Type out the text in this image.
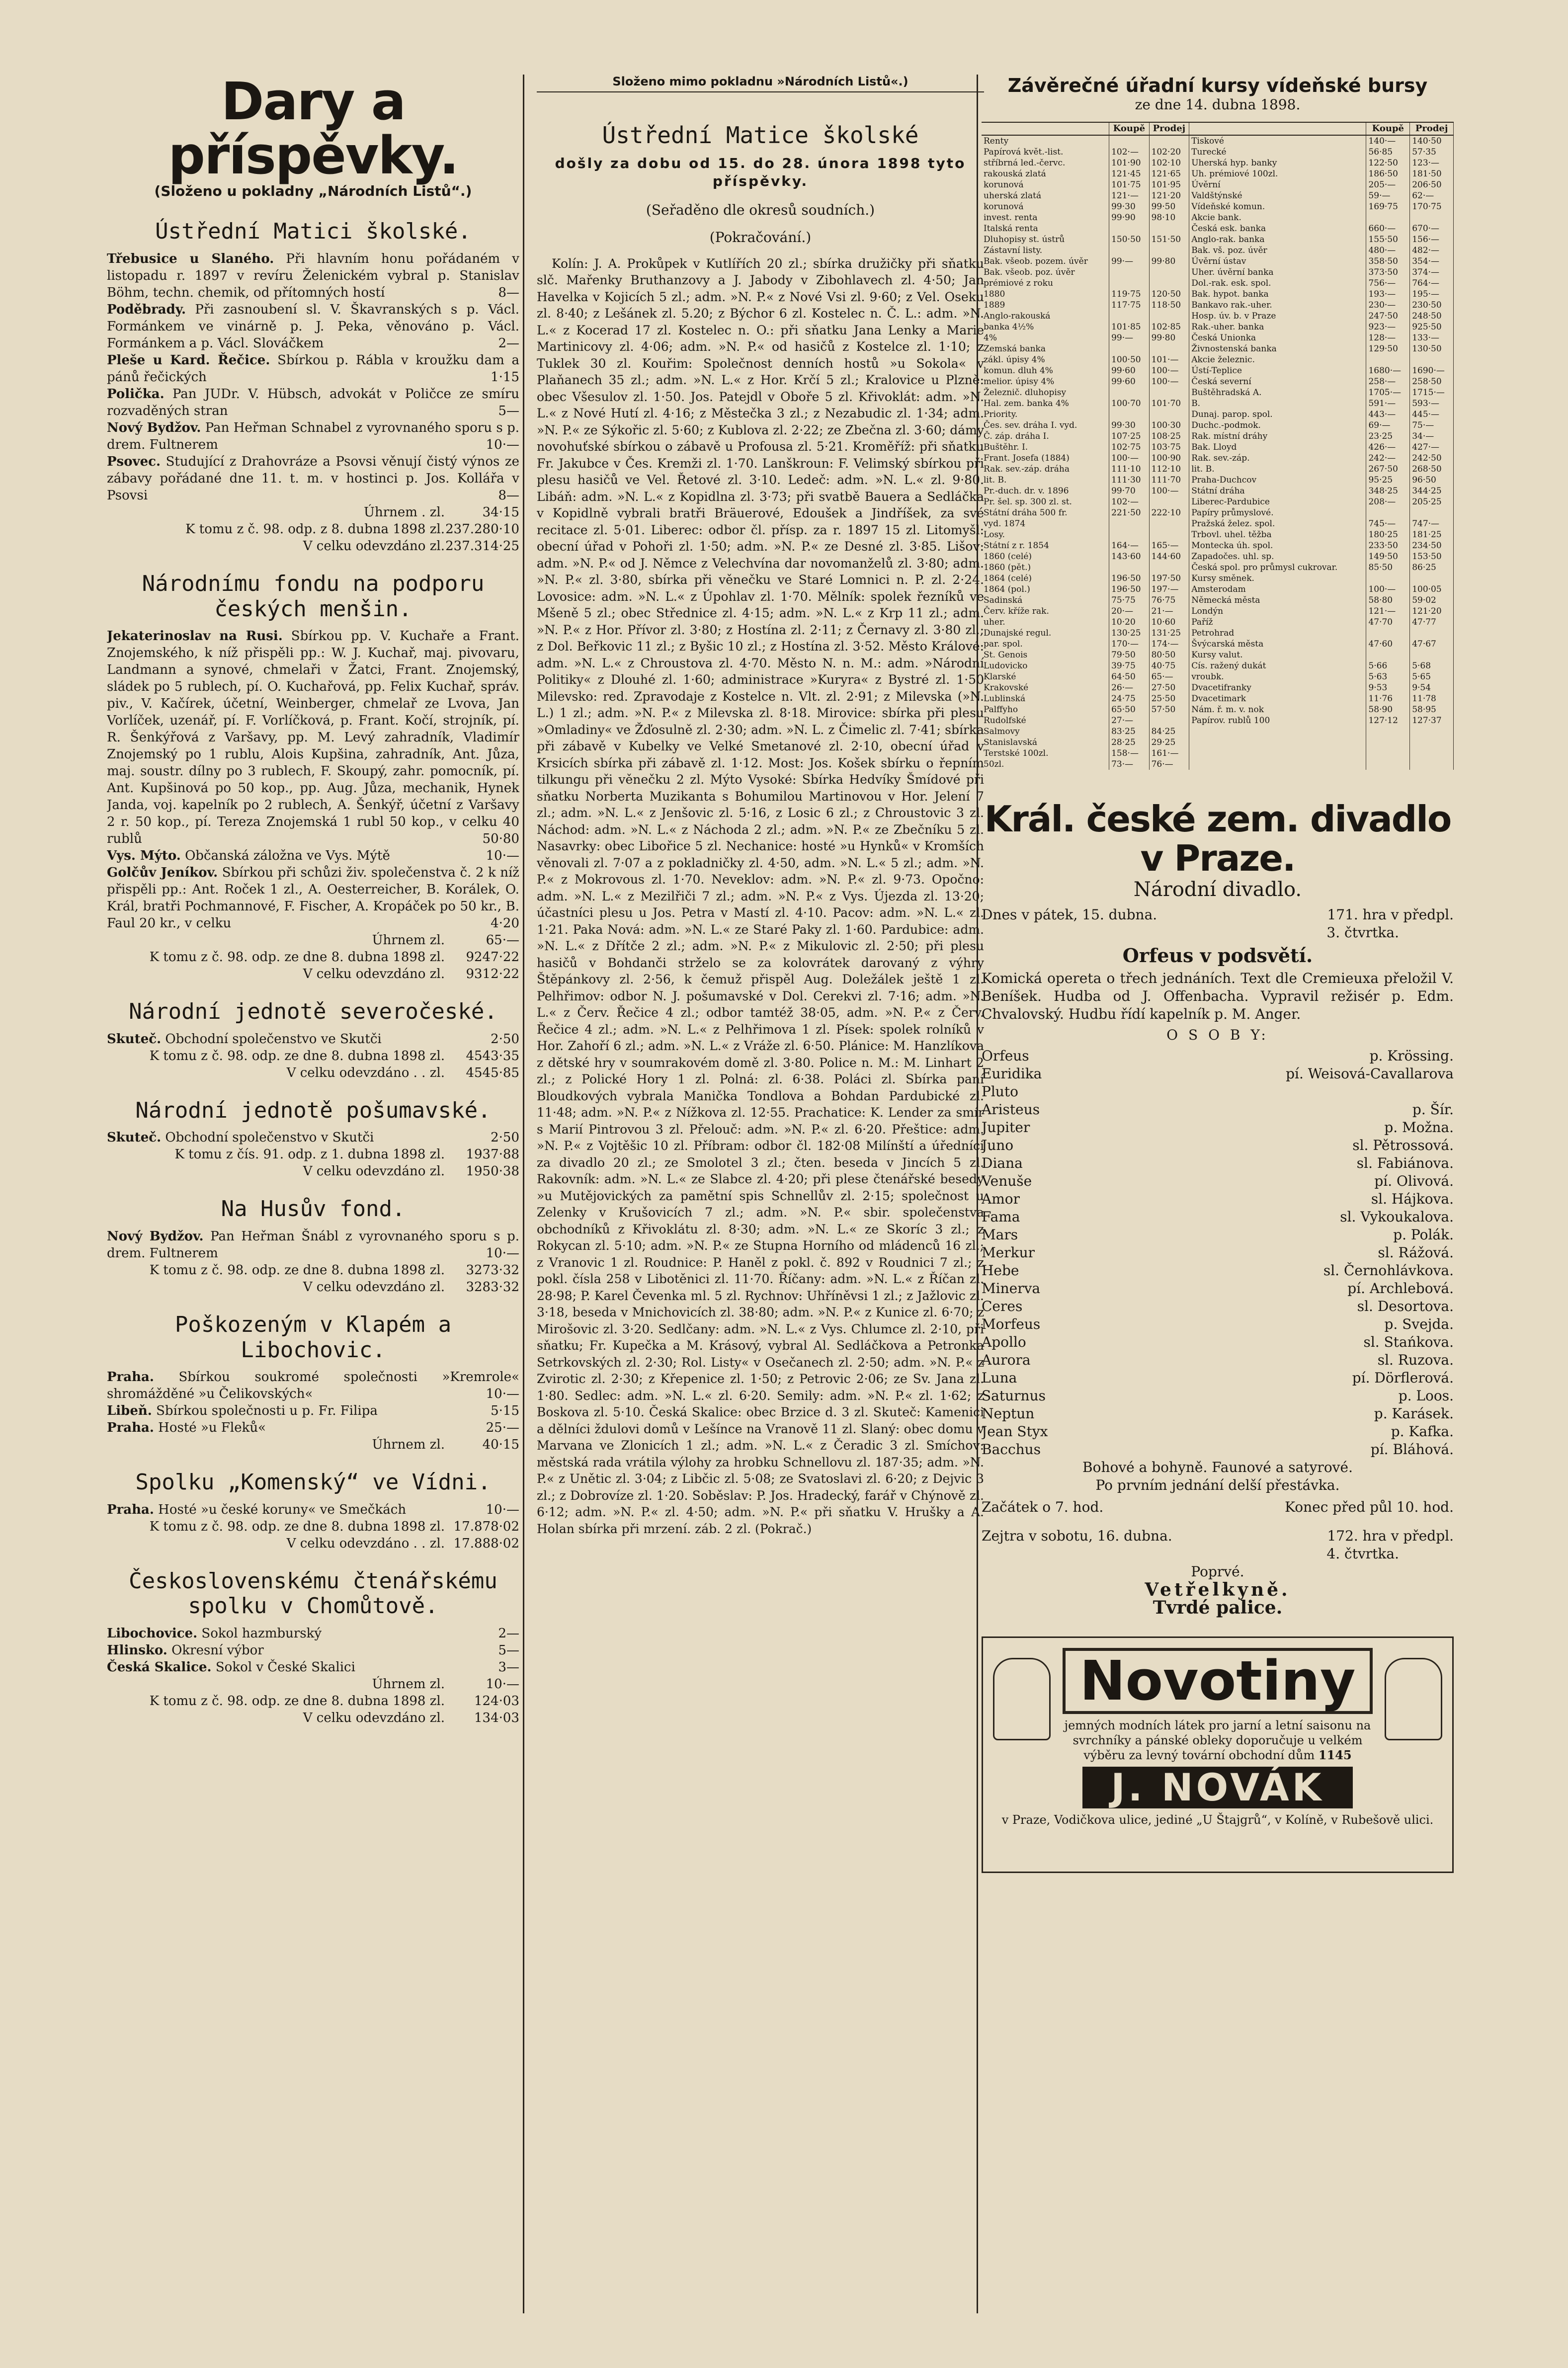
Dary a příspěvky.
(Složeno u pokladny „Národních Listů“.)
Ústřední Matici školské.
Třebusice u Slaného. Při hlavním honu pořádaném v listopadu r. 1897 v revíru Želenickém vybral p. Stanislav Böhm, techn. chemik, od přítomných hostí	8—
Poděbrady. Při zasnoubení sl. V. Škavranských s p. Václ. Formánkem ve vinárně p. J. Peka, věnováno p. Václ. Formánkem a p. Václ. Slováčkem	2—
Pleše u Kard. Řečice. Sbírkou p. Rábla v kroužku dam a pánů řečických	1·15
Polička. Pan JUDr. V. Hübsch, advokát v Poličce ze smíru rozvaděných stran	5—
Nový Bydžov. Pan Heřman Schnabel z vyrovnaného sporu s p. drem. Fultnerem	10·—
Psovec. Studující z Drahovráze a Psovsi věnují čistý výnos ze zábavy pořádané dne 11. t. m. v hostinci p. Jos. Kollářa v Psovsi	8—
Úhrnem . zl.	34·15
K tomu z č. 98. odp. z 8. dubna 1898 zl.237.280·10
V celku odevzdáno zl.237.314·25
Národnímu fondu na podporu českých menšin.
Jekaterinoslav na Rusi. Sbírkou pp. V. Kuchaře a Frant. Znojemského, k níž přispěli pp.: W. J. Kuchař, maj. pivovaru, Landmann a synové, chmelaři v Žatci, Frant. Znojemský, sládek po 5 rublech, pí. O. Kuchařová, pp. Felix Kuchař, správ. piv., V. Kačírek, účetní, Weinberger, chmelař ze Lvova, Jan Vorlíček, uzenář, pí. F. Vorlíčková, p. Frant. Kočí, strojník, pí. R. Šenkýřová z Varšavy, pp. M. Levý zahradník, Vladimír Znojemský po 1 rublu, Alois Kupšina, zahradník, Ant. Jůza, maj. soustr. dílny po 3 rublech, F. Skoupý, zahr. pomocník, pí. Ant. Kupšinová po 50 kop., pp. Aug. Jůza, mechanik, Hynek Janda, voj. kapelník po 2 rublech, A. Šenkýř, účetní z Varšavy 2 r. 50 kop., pí. Tereza Znojemská 1 rubl 50 kop., v celku 40 rublů	50·80
Vys. Mýto. Občanská záložna ve Vys. Mýtě	10·—
Golčův Jeníkov. Sbírkou při schůzi živ. společenstva č. 2 k níž přispěli pp.: Ant. Roček 1 zl., A. Oesterreicher, B. Korálek, O. Král, bratři Pochmannové, F. Fischer, A. Kropáček po 50 kr., B. Faul 20 kr., v celku	4·20
Úhrnem zl.	65·—
K tomu z č. 98. odp. ze dne 8. dubna 1898 zl. 9247·22
V celku odevzdáno zl. 9312·22
Národní jednotě severočeské.
Skuteč. Obchodní společenstvo ve Skutči	2·50
K tomu z č. 98. odp. ze dne 8. dubna 1898 zl. 4543·35
V celku odevzdáno . . zl. 4545·85
Národní jednotě pošumavské.
Skuteč. Obchodní společenstvo v Skutči	2·50
K tomu z čís. 91. odp. z 1. dubna 1898 zl. 1937·88
V celku odevzdáno zl. 1950·38
Na Husův fond.
Nový Bydžov. Pan Heřman Šnábl z vyrovnaného sporu s p. drem. Fultnerem	10·—
K tomu z č. 98. odp. ze dne 8. dubna 1898 zl. 3273·32
V celku odevzdáno zl. 3283·32
Poškozeným v Klapém a Libochovic.
Praha. Sbírkou soukromé společnosti »Kremrole« shromážděné »u Čelikovských«	10·—
Libeň. Sbírkou společnosti u p. Fr. Filipa	5·15
Praha. Hosté »u Fleků«	25·—
Úhrnem zl.	40·15
Spolku „Komenský“ ve Vídni.
Praha. Hosté »u české koruny« ve Smečkách	10·—
K tomu z č. 98. odp. ze dne 8. dubna 1898 zl. 17.878·02
V celku odevzdáno . . zl. 17.888·02
Československému čtenářskému spolku v Chomůtově.
Libochovice. Sokol hazmburský	2—
Hlinsko. Okresní výbor	5—
Česká Skalice. Sokol v České Skalici	3—
Úhrnem zl.	10·—
K tomu z č. 98. odp. ze dne 8. dubna 1898 zl. 124·03
V celku odevzdáno zl. 134·03
Složeno mimo pokladnu »Národních Listů«.)
Ústřední Matice školské
došly za dobu od 15. do 28. února 1898 tyto příspěvky.
(Seřaděno dle okresů soudních.)
(Pokračování.)
Kolín: J. A. Prokůpek v Kutlířích 20 zl.; sbírka družičky při sňatku slč. Mařenky Bruthanzovy a J. Jabody v Zibohlavech zl. 4·50; Jan Havelka v Kojicích 5 zl.; adm. »N. P.« z Nové Vsi zl. 9·60; z Vel. Oseku zl. 8·40; z Lešánek zl. 5.20; z Býchor 6 zl. Kostelec n. Č. L.: adm. »N. L.« z Kocerad 17 zl. Kostelec n. O.: při sňatku Jana Lenky a Marie Martinicovy zl. 4·06; adm. »N. P.« od hasičů z Kostelce zl. 1·10; z Tuklek 30 zl. Kouřim: Společnost denních hostů »u Sokola« v Plaňanech 35 zl.; adm. »N. L.« z Hor. Krčí 5 zl.; Kralovice u Plzně: obec Všesulov zl. 1·50. Jos. Patejdl v Oboře 5 zl. Křivoklát: adm. »N. L.« z Nové Hutí zl. 4·16; z Městečka 3 zl.; z Nezabudic zl. 1·34; adm. »N. P.« ze Sýkořic zl. 5·60; z Kublova zl. 2·22; ze Zbečna zl. 3·60; dámy novohuťské sbírkou o zábavě u Profousa zl. 5·21. Kroměříž: při sňatku Fr. Jakubce v Čes. Kremži zl. 1·70. Lanškroun: F. Velimský sbírkou při plesu hasičů ve Vel. Řetové zl. 3·10. Ledeč: adm. »N. L.« zl. 9·80. Libáň: adm. »N. L.« z Kopidlna zl. 3·73; při svatbě Bauera a Sedláčka v Kopidlně vybrali bratři Bräuerové, Edoušek a Jindříšek, za své recitace zl. 5·01. Liberec: odbor čl. přísp. za r. 1897 15 zl. Litomyšl: obecní úřad v Pohoři zl. 1·50; adm. »N. P.« ze Desné zl. 3·85. Lišov: adm. »N. P.« od J. Němce z Velechvína dar novomanželů zl. 3·80; adm. »N. P.« zl. 3·80, sbírka při věnečku ve Staré Lomnici n. P. zl. 2·24. Lovosice: adm. »N. L.« z Úpohlav zl. 1·70. Mělník: spolek řezníků ve Mšeně 5 zl.; obec Střednice zl. 4·15; adm. »N. L.« z Krp 11 zl.; adm. »N. P.« z Hor. Přívor zl. 3·80; z Hostína zl. 2·11; z Černavy zl. 3·80 zl.; z Dol. Beřkovic 11 zl.; z Byšic 10 zl.; z Hostína zl. 3·52. Město Králové: adm. »N. L.« z Chroustova zl. 4·70. Město N. n. M.: adm. »Národní Politiky« z Dlouhé zl. 1·60; administrace »Kuryra« z Bystré zl. 1·50 Milevsko: red. Zpravodaje z Kostelce n. Vlt. zl. 2·91; z Milevska (»N. L.) 1 zl.; adm. »N. P.« z Milevska zl. 8·18. Mirovice: sbírka při plesu »Omladiny« ve Žďosulně zl. 2·30; adm. »N. L. z Čimelic zl. 7·41; sbírka při zábavě v Kubelky ve Velké Smetanové zl. 2·10, obecní úřad v Krsicích sbírka při zábavě zl. 1·12. Most: Jos. Košek sbírku o řepním tilkungu při věnečku 2 zl. Mýto Vysoké: Sbírka Hedvíky Šmídové při sňatku Norberta Muzikanta s Bohumilou Martinovou v Hor. Jelení 7 zl.; adm. »N. L.« z Jenšovic zl. 5·16, z Losic 6 zl.; z Chroustovic 3 zl. Náchod: adm. »N. L.« z Náchoda 2 zl.; adm. »N. P.« ze Zbečníku 5 zl. Nasavrky: obec Libořice 5 zl. Nechanice: hosté »u Hynků« v Kromších věnovali zl. 7·07 a z pokladničky zl. 4·50, adm. »N. L.« 5 zl.; adm. »N. P.« z Mokrovous zl. 1·70. Neveklov: adm. »N. P.« zl. 9·73. Opočno: adm. »N. L.« z Mezilřiči 7 zl.; adm. »N. P.« z Vys. Újezda zl. 13·20; účastníci plesu u Jos. Petra v Mastí zl. 4·10. Pacov: adm. »N. L.« zl. 1·21. Paka Nová: adm. »N. L.« ze Staré Paky zl. 1·60. Pardubice: adm. »N. L.« z Dřítče 2 zl.; adm. »N. P.« z Mikulovic zl. 2·50; při plesu hasičů v Bohdanči strželo se za kolovrátek darovaný z výhry Štěpánkovy zl. 2·56, k čemuž přispěl Aug. Doležálek ještě 1 zl. Pelhřimov: odbor N. J. pošumavské v Dol. Cerekvi zl. 7·16; adm. »N. L.« z Červ. Řečice 4 zl.; odbor tamtéž 38·05, adm. »N. P.« z Červ. Řečice 4 zl.; adm. »N. L.« z Pelhřimova 1 zl. Písek: spolek rolníků v Hor. Zahoří 6 zl.; adm. »N. L.« z Vráže zl. 6·50. Plánice: M. Hanzlíkova z dětské hry v soumrakovém domě zl. 3·80. Police n. M.: M. Linhart 2 zl.; z Polické Hory 1 zl. Polná: zl. 6·38. Poláci zl. Sbírka paní Bloudkových vybrala Manička Tondlova a Bohdan Pardubické zl. 11·48; adm. »N. P.« z Nížkova zl. 12·55. Prachatice: K. Lender za smír s Marií Pintrovou 3 zl. Přelouč: adm. »N. P.« zl. 6·20. Přeštice: adm. »N. P.« z Vojtěšic 10 zl. Příbram: odbor čl. 182·08 Milínští a úředníci za divadlo 20 zl.; ze Smolotel 3 zl.; čten. beseda v Jincích 5 zl. Rakovník: adm. »N. L.« ze Slabce zl. 4·20; při plese čtenářské besedy »u Mutějovických za pamětní spis Schnellův zl. 2·15; společnost u Zelenky v Krušovicích 7 zl.; adm. »N. P.« sbir. společenstva obchodníků z Křivoklátu zl. 8·30; adm. »N. L.« ze Skoríc 3 zl.; z Rokycan zl. 5·10; adm. »N. P.« ze Stupna Horního od mládenců 16 zl.; z Vranovic 1 zl. Roudnice: P. Haněl z pokl. č. 892 v Roudnici 7 zl.; z pokl. čísla 258 v Libotěnici zl. 11·70. Říčany: adm. »N. L.« z Říčan zl. 28·98; P. Karel Čevenka ml. 5 zl. Rychnov: Uhříněvsi 1 zl.; z Jažlovic zl. 3·18, beseda v Mnichovicích zl. 38·80; adm. »N. P.« z Kunice zl. 6·70; z Mirošovic zl. 3·20. Sedlčany: adm. »N. L.« z Vys. Chlumce zl. 2·10, při sňatku; Fr. Kupečka a M. Krásový, vybral Al. Sedláčkova a Petronka Setrkovských zl. 2·30; Rol. Listy« v Osečanech zl. 2·50; adm. »N. P.« z Zvirotic zl. 2·30; z Křepenice zl. 1·50; z Petrovic 2·06; ze Sv. Jana zl. 1·80. Sedlec: adm. »N. L.« zl. 6·20. Semily: adm. »N. P.« zl. 1·62; z Boskova zl. 5·10. Česká Skalice: obec Brzice d. 3 zl. Skuteč: Kamenici a dělníci ždulovi domů v Lešínce na Vranově 11 zl. Slaný: obec domu v Marvana ve Zlonicích 1 zl.; adm. »N. L.« z Čeradic 3 zl. Smíchov: městská rada vrátila výlohy za hrobku Schnellovu zl. 187·35; adm. »N. P.« z Unětic zl. 3·04; z Libčic zl. 5·08; ze Svatoslavi zl. 6·20; z Dejvic 3 zl.; z Dobrovíze zl. 1·20. Soběslav: P. Jos. Hradecký, farář v Chýnově zl. 6·12; adm. »N. P.« zl. 4·50; adm. »N. P.« při sňatku V. Hrušky a A. Holan sbírka při mrzení. záb. 2 zl. (Pokrač.)
Závěrečné úřadní kursy vídeňské bursy
ze dne 14. dubna 1898.
	Koupě	Prodej		Koupě	Prodej
Renty			Tiskové	140·—	140·50
Papírová květ.-list.	102·—	102·20	Turecké	56·85	57·35
stříbrná led.-červc.	101·90	102·10	Uherská hyp. banky	122·50	123·—
rakouská zlatá	121·45	121·65	Uh. prémiové 100zl.	186·50	181·50
korunová	101·75	101·95	Úvěrní	205·—	206·50
uherská zlatá	121·—	121·20	Valdštýnské	59·—	62·—
korunová	99·30	99·50	Vídeňské komun.	169·75	170·75
invest. renta	99·90	98·10	Akcie bank.		
Italská renta			Česká esk. banka	660·—	670·—
Dluhopisy st. ústrů	150·50	151·50	Anglo-rak. banka	155·50	156·—
Zástavní listy.			Bak. vš. poz. úvěr	480·—	482·—
Bak. všeob. pozem. úvěr	99·—	99·80	Úvěrní ústav	358·50	354·—
Bak. všeob. poz. úvěr			Uher. úvěrní banka	373·50	374·—
prémiové z roku			Dol.-rak. esk. spol.	756·—	764·—
1880	119·75	120·50	Bak. hypot. banka	193·—	195·—
1889	117·75	118·50	Bankavo rak.-uher.	230·—	230·50
Anglo-rakouská			Hosp. úv. b. v Praze	247·50	248·50
banka 4½%	101·85	102·85	Rak.-uher. banka	923·—	925·50
4%	99·—	99·80	Česká Unionka	128·—	133·—
Zemská banka			Živnostenská banka	129·50	130·50
zákl. úpisy 4%	100·50	101·—	Akcie železnic.		
komun. dluh 4%	99·60	100·—	Ústí-Teplice	1680·—	1690·—
melior. úpisy 4%	99·60	100·—	Česká severní	258·—	258·50
Železnič. dluhopisy			Buštěhradská A.	1705·—	1715·—
Hal. zem. banka 4%	100·70	101·70	B.	591·—	593·—
Priority.			Dunaj. parop. spol.	443·—	445·—
Čes. sev. dráha I. vyd.	99·30	100·30	Duchc.-podmok.	69·—	75·—
Č. záp. dráha I.	107·25	108·25	Rak. místní dráhy	23·25	34·—
Buštěhr. I.	102·75	103·75	Bak. Lloyd	426·—	427·—
Frant. Josefa (1884)	100·—	100·90	Rak. sev.-záp.	242·—	242·50
Rak. sev.-záp. dráha	111·10	112·10	lit. B.	267·50	268·50
lit. B.	111·30	111·70	Praha-Duchcov	95·25	96·50
Pr.-duch. dr. v. 1896	99·70	100·—	Státní dráha	348·25	344·25
Pr. šel. sp. 300 zl. st.	102·—		Liberec-Pardubice	208·—	205·25
Státní dráha 500 fr.	221·50	222·10	Papíry průmyslové.		
vyd. 1874			Pražská želez. spol.	745·—	747·—
Losy.			Trbovl. uhel. těžba	180·25	181·25
Státní z r. 1854	164·—	165·—	Montecka úh. spol.	233·50	234·50
1860 (celé)	143·60	144·60	Zapadočes. uhl. sp.	149·50	153·50
1860 (pět.)			Česká spol. pro průmysl cukrovar.	85·50	86·25
1864 (celé)	196·50	197·50	Kursy směnek.		
1864 (pol.)	196·50	197·—	Amsterodam	100·—	100·05
Sadinská	75·75	76·75	Německá města	58·80	59·02
Červ. kříže rak.	20·—	21·—	Londýn	121·—	121·20
uher.	10·20	10·60	Paříž	47·70	47·77
Dunajské regul.	130·25	131·25	Petrohrad		
par. spol.	170·—	174·—	Švýcarská města	47·60	47·67
St. Genois	79·50	80·50	Kursy valut.		
Ludovicko	39·75	40·75	Cís. ražený dukát	5·66	5·68
Klarské	64·50	65·—	vroubk.	5·63	5·65
Krakovské	26·—	27·50	Dvacetifranky	9·53	9·54
Lublinská	24·75	25·50	Dvacetimark	11·76	11·78
Palffyho	65·50	57·50	Nám. ř. m. v. nok	58·90	58·95
Rudolfské	27·—		Papírov. rublů 100	127·12	127·37
Salmovy	83·25	84·25			
Stanislavská	28·25	29·25			
Terstské 100zl.	158·—	161·—			
50zl.	73·—	76·—			
Král. české zem. divadlo v Praze.
Národní divadlo.
Dnes v pátek, 15. dubna.	171. hra v předpl.
3. čtvrtka.
Orfeus v podsvětí.
Komická opereta o třech jednáních. Text dle Cremieuxa přeložil V. Beníšek. Hudba od J. Offenbacha. Vypravil režisér p. Edm. Chvalovský. Hudbu řídí kapelník p. M. Anger.
O S O B Y:
Orfeus	p. Krössing.
Euridika	pí. Weisová-Cavallarova
Pluto
Aristeus	p. Šír.
Jupiter	p. Možna.
Juno	sl. Pětrossová.
Diana	sl. Fabiánova.
Venuše	pí. Olivová.
Amor	sl. Hájkova.
Fama	sl. Vykoukalova.
Mars	p. Polák.
Merkur	sl. Rážová.
Hebe	sl. Černohlávkova.
Minerva	pí. Archlebová.
Ceres	sl. Desortova.
Morfeus	p. Svejda.
Apollo	sl. Stańkova.
Aurora	sl. Ruzova.
Luna	pí. Dörflerová.
Saturnus	p. Loos.
Neptun	p. Karásek.
Jean Styx	p. Kafka.
Bacchus	pí. Bláhová.
Bohové a bohyně. Faunové a satyrové.
Po prvním jednání delší přestávka.
Začátek o 7. hod.	Konec před půl 10. hod.
Zejtra v sobotu, 16. dubna.	172. hra v předpl.
4. čtvrtka.
Poprvé.
Vetřelkyně.
Tvrdé palice.
Novotiny
jemných modních látek pro jarní a letní saisonu na svrchníky a pánské obleky doporučuje u velkém výběru za levný tovární obchodní dům 1145
J. NOVÁK
v Praze, Vodičkova ulice, jediné „U Štajgrů“, v Kolíně, v Rubešově ulici.
